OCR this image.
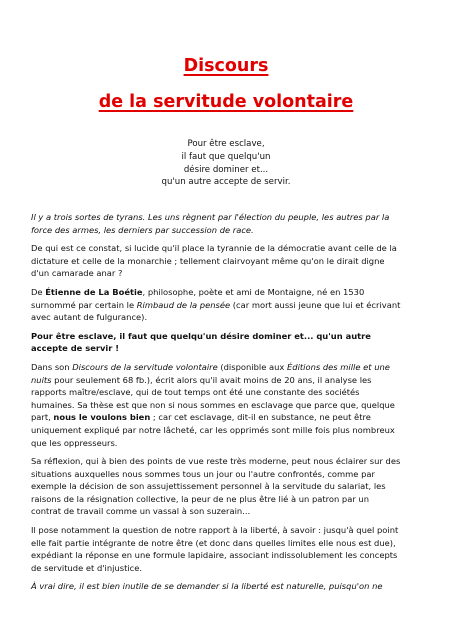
Discours
de la servitude volontaire
Pour être esclave,
il faut que quelqu'un
désire dominer et...
qu'un autre accepte de servir.

Il y a trois sortes de tyrans. Les uns règnent par l'élection du peuple, les autres par la force des armes, les derniers par succession de race.

De qui est ce constat, si lucide qu'il place la tyrannie de la démocratie avant celle de la dictature et celle de la monarchie ; tellement clairvoyant même qu'on le dirait digne d'un camarade anar ?

De Étienne de La Boétie, philosophe, poète et ami de Montaigne, né en 1530 surnommé par certain le Rimbaud de la pensée (car mort aussi jeune que lui et écrivant avec autant de fulgurance).

Pour être esclave, il faut que quelqu'un désire dominer et... qu'un autre accepte de servir !

Dans son Discours de la servitude volontaire (disponible aux Éditions des mille et une nuits pour seulement 68 fb.), écrit alors qu'il avait moins de 20 ans, il analyse les rapports maître/esclave, qui de tout temps ont été une constante des sociétés humaines. Sa thèse est que non si nous sommes en esclavage que parce que, quelque part, nous le voulons bien ; car cet esclavage, dit-il en substance, ne peut être uniquement expliqué par notre lâcheté, car les opprimés sont mille fois plus nombreux que les oppresseurs.

Sa réflexion, qui à bien des points de vue reste très moderne, peut nous éclairer sur des situations auxquelles nous sommes tous un jour ou l'autre confrontés, comme par exemple la décision de son assujettissement personnel à la servitude du salariat, les raisons de la résignation collective, la peur de ne plus être lié à un patron par un contrat de travail comme un vassal à son suzerain...

Il pose notamment la question de notre rapport à la liberté, à savoir : jusqu'à quel point elle fait partie intégrante de notre être (et donc dans quelles limites elle nous est due), expédiant la réponse en une formule lapidaire, associant indissolublement les concepts de servitude et d'injustice.

À vrai dire, il est bien inutile de se demander si la liberté est naturelle, puisqu'on ne
